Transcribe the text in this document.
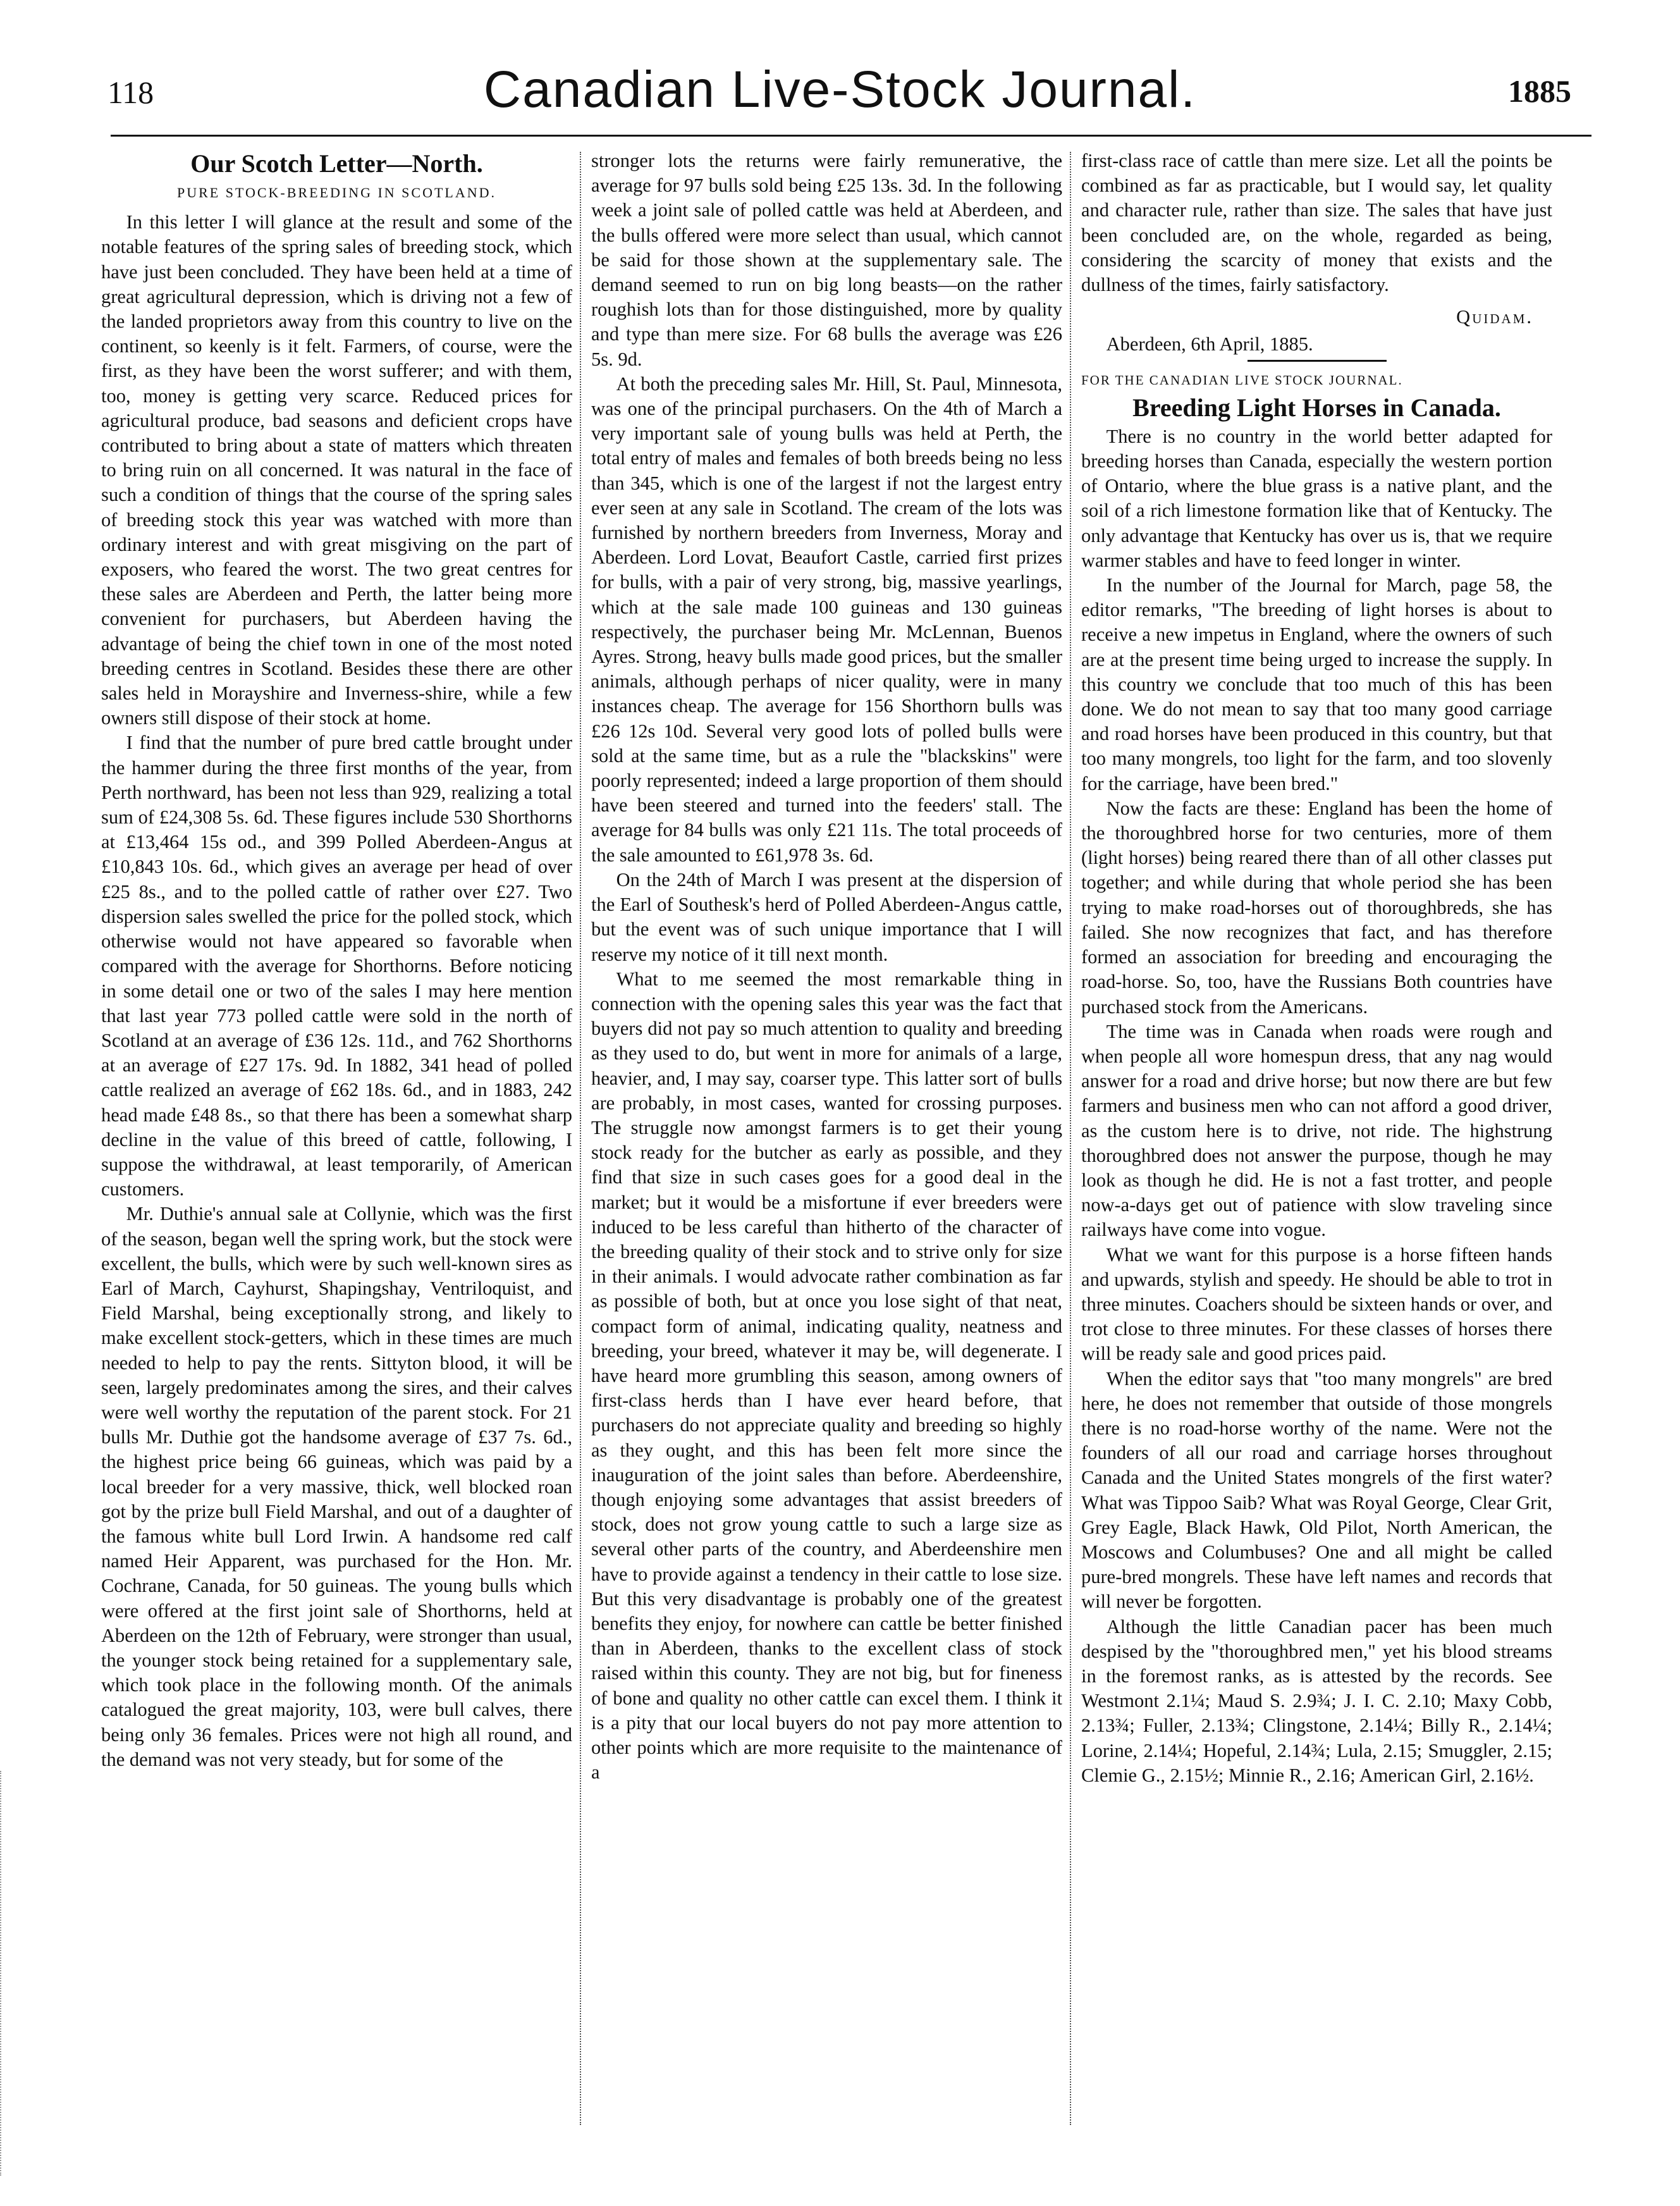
118	Canadian Live-Stock Journal.	1885
Our Scotch Letter—North.
PURE STOCK-BREEDING IN SCOTLAND.

In this letter I will glance at the result and some of the notable features of the spring sales of breeding stock, which have just been concluded. They have been held at a time of great agricultural depression, which is driving not a few of the landed proprietors away from this country to live on the continent, so keenly is it felt. Farmers, of course, were the first, as they have been the worst sufferer; and with them, too, money is getting very scarce. Reduced prices for agricultural produce, bad seasons and deficient crops have contributed to bring about a state of matters which threaten to bring ruin on all concerned. It was natural in the face of such a condition of things that the course of the spring sales of breeding stock this year was watched with more than ordinary interest and with great misgiving on the part of exposers, who feared the worst. The two great centres for these sales are Aberdeen and Perth, the latter being more convenient for purchasers, but Aberdeen having the advantage of being the chief town in one of the most noted breeding centres in Scotland. Besides these there are other sales held in Morayshire and Inverness-shire, while a few owners still dispose of their stock at home.

I find that the number of pure bred cattle brought under the hammer during the three first months of the year, from Perth northward, has been not less than 929, realizing a total sum of £24,308 5s. 6d. These figures include 530 Shorthorns at £13,464 15s od., and 399 Polled Aberdeen-Angus at £10,843 10s. 6d., which gives an average per head of over £25 8s., and to the polled cattle of rather over £27. Two dispersion sales swelled the price for the polled stock, which otherwise would not have appeared so favorable when compared with the average for Shorthorns. Before noticing in some detail one or two of the sales I may here mention that last year 773 polled cattle were sold in the north of Scotland at an average of £36 12s. 11d., and 762 Shorthorns at an average of £27 17s. 9d. In 1882, 341 head of polled cattle realized an average of £62 18s. 6d., and in 1883, 242 head made £48 8s., so that there has been a somewhat sharp decline in the value of this breed of cattle, following, I suppose the withdrawal, at least temporarily, of American customers.

Mr. Duthie's annual sale at Collynie, which was the first of the season, began well the spring work, but the stock were excellent, the bulls, which were by such well-known sires as Earl of March, Cayhurst, Shapingshay, Ventriloquist, and Field Marshal, being exceptionally strong, and likely to make excellent stock-getters, which in these times are much needed to help to pay the rents. Sittyton blood, it will be seen, largely predominates among the sires, and their calves were well worthy the reputation of the parent stock. For 21 bulls Mr. Duthie got the handsome average of £37 7s. 6d., the highest price being 66 guineas, which was paid by a local breeder for a very massive, thick, well blocked roan got by the prize bull Field Marshal, and out of a daughter of the famous white bull Lord Irwin. A handsome red calf named Heir Apparent, was purchased for the Hon. Mr. Cochrane, Canada, for 50 guineas. The young bulls which were offered at the first joint sale of Shorthorns, held at Aberdeen on the 12th of February, were stronger than usual, the younger stock being retained for a supplementary sale, which took place in the following month. Of the animals catalogued the great majority, 103, were bull calves, there being only 36 females. Prices were not high all round, and the demand was not very steady, but for some of the

stronger lots the returns were fairly remunerative, the average for 97 bulls sold being £25 13s. 3d. In the following week a joint sale of polled cattle was held at Aberdeen, and the bulls offered were more select than usual, which cannot be said for those shown at the supplementary sale. The demand seemed to run on big long beasts—on the rather roughish lots than for those distinguished, more by quality and type than mere size. For 68 bulls the average was £26 5s. 9d.

At both the preceding sales Mr. Hill, St. Paul, Minnesota, was one of the principal purchasers. On the 4th of March a very important sale of young bulls was held at Perth, the total entry of males and females of both breeds being no less than 345, which is one of the largest if not the largest entry ever seen at any sale in Scotland. The cream of the lots was furnished by northern breeders from Inverness, Moray and Aberdeen. Lord Lovat, Beaufort Castle, carried first prizes for bulls, with a pair of very strong, big, massive yearlings, which at the sale made 100 guineas and 130 guineas respectively, the purchaser being Mr. McLennan, Buenos Ayres. Strong, heavy bulls made good prices, but the smaller animals, although perhaps of nicer quality, were in many instances cheap. The average for 156 Shorthorn bulls was £26 12s 10d. Several very good lots of polled bulls were sold at the same time, but as a rule the "blackskins" were poorly represented; indeed a large proportion of them should have been steered and turned into the feeders' stall. The average for 84 bulls was only £21 11s. The total proceeds of the sale amounted to £61,978 3s. 6d.

On the 24th of March I was present at the dispersion of the Earl of Southesk's herd of Polled Aberdeen-Angus cattle, but the event was of such unique importance that I will reserve my notice of it till next month.

What to me seemed the most remarkable thing in connection with the opening sales this year was the fact that buyers did not pay so much attention to quality and breeding as they used to do, but went in more for animals of a large, heavier, and, I may say, coarser type. This latter sort of bulls are probably, in most cases, wanted for crossing purposes. The struggle now amongst farmers is to get their young stock ready for the butcher as early as possible, and they find that size in such cases goes for a good deal in the market; but it would be a misfortune if ever breeders were induced to be less careful than hitherto of the character of the breeding quality of their stock and to strive only for size in their animals. I would advocate rather combination as far as possible of both, but at once you lose sight of that neat, compact form of animal, indicating quality, neatness and breeding, your breed, whatever it may be, will degenerate. I have heard more grumbling this season, among owners of first-class herds than I have ever heard before, that purchasers do not appreciate quality and breeding so highly as they ought, and this has been felt more since the inauguration of the joint sales than before. Aberdeenshire, though enjoying some advantages that assist breeders of stock, does not grow young cattle to such a large size as several other parts of the country, and Aberdeenshire men have to provide against a tendency in their cattle to lose size. But this very disadvantage is probably one of the greatest benefits they enjoy, for nowhere can cattle be better finished than in Aberdeen, thanks to the excellent class of stock raised within this county. They are not big, but for fineness of bone and quality no other cattle can excel them. I think it is a pity that our local buyers do not pay more attention to other points which are more requisite to the maintenance of a

first-class race of cattle than mere size. Let all the points be combined as far as practicable, but I would say, let quality and character rule, rather than size. The sales that have just been concluded are, on the whole, regarded as being, considering the scarcity of money that exists and the dullness of the times, fairly satisfactory.

Quidam.

Aberdeen, 6th April, 1885.

FOR THE CANADIAN LIVE STOCK JOURNAL.
Breeding Light Horses in Canada.

There is no country in the world better adapted for breeding horses than Canada, especially the western portion of Ontario, where the blue grass is a native plant, and the soil of a rich limestone formation like that of Kentucky. The only advantage that Kentucky has over us is, that we require warmer stables and have to feed longer in winter.

In the number of the Journal for March, page 58, the editor remarks, "The breeding of light horses is about to receive a new impetus in England, where the owners of such are at the present time being urged to increase the supply. In this country we conclude that too much of this has been done. We do not mean to say that too many good carriage and road horses have been produced in this country, but that too many mongrels, too light for the farm, and too slovenly for the carriage, have been bred."

Now the facts are these: England has been the home of the thoroughbred horse for two centuries, more of them (light horses) being reared there than of all other classes put together; and while during that whole period she has been trying to make road-horses out of thoroughbreds, she has failed. She now recognizes that fact, and has therefore formed an association for breeding and encouraging the road-horse. So, too, have the Russians Both countries have purchased stock from the Americans.

The time was in Canada when roads were rough and when people all wore homespun dress, that any nag would answer for a road and drive horse; but now there are but few farmers and business men who can not afford a good driver, as the custom here is to drive, not ride. The highstrung thoroughbred does not answer the purpose, though he may look as though he did. He is not a fast trotter, and people now-a-days get out of patience with slow traveling since railways have come into vogue.

What we want for this purpose is a horse fifteen hands and upwards, stylish and speedy. He should be able to trot in three minutes. Coachers should be sixteen hands or over, and trot close to three minutes. For these classes of horses there will be ready sale and good prices paid.

When the editor says that "too many mongrels" are bred here, he does not remember that outside of those mongrels there is no road-horse worthy of the name. Were not the founders of all our road and carriage horses throughout Canada and the United States mongrels of the first water? What was Tippoo Saib? What was Royal George, Clear Grit, Grey Eagle, Black Hawk, Old Pilot, North American, the Moscows and Columbuses? One and all might be called pure-bred mongrels. These have left names and records that will never be forgotten.

Although the little Canadian pacer has been much despised by the "thoroughbred men," yet his blood streams in the foremost ranks, as is attested by the records. See Westmont 2.1¼; Maud S. 2.9¾; J. I. C. 2.10; Maxy Cobb, 2.13¾; Fuller, 2.13¾; Clingstone, 2.14¼; Billy R., 2.14¼; Lorine, 2.14¼; Hopeful, 2.14¾; Lula, 2.15; Smuggler, 2.15; Clemie G., 2.15½; Minnie R., 2.16; American Girl, 2.16½.
